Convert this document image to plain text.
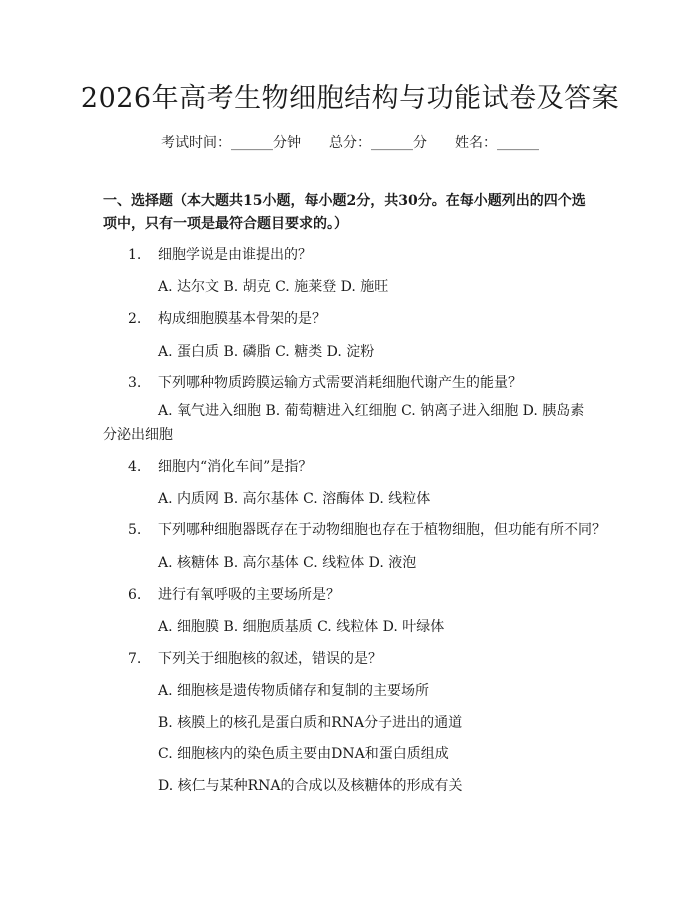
2026年高考生物细胞结构与功能试卷及答案
考试时间：______分钟 总分：______分 姓名：______
一、选择题（本大题共15小题，每小题2分，共30分。在每小题列出的四个选项中，只有一项是最符合题目要求的。）
1. 细胞学说是由谁提出的？
A. 达尔文 B. 胡克 C. 施莱登 D. 施旺
2. 构成细胞膜基本骨架的是？
A. 蛋白质 B. 磷脂 C. 糖类 D. 淀粉
3. 下列哪种物质跨膜运输方式需要消耗细胞代谢产生的能量？
A. 氧气进入细胞 B. 葡萄糖进入红细胞 C. 钠离子进入细胞 D. 胰岛素分泌出细胞
4. 细胞内“消化车间”是指？
A. 内质网 B. 高尔基体 C. 溶酶体 D. 线粒体
5. 下列哪种细胞器既存在于动物细胞也存在于植物细胞，但功能有所不同？
A. 核糖体 B. 高尔基体 C. 线粒体 D. 液泡
6. 进行有氧呼吸的主要场所是？
A. 细胞膜 B. 细胞质基质 C. 线粒体 D. 叶绿体
7. 下列关于细胞核的叙述，错误的是？
A. 细胞核是遗传物质储存和复制的主要场所
B. 核膜上的核孔是蛋白质和RNA分子进出的通道
C. 细胞核内的染色质主要由DNA和蛋白质组成
D. 核仁与某种RNA的合成以及核糖体的形成有关
